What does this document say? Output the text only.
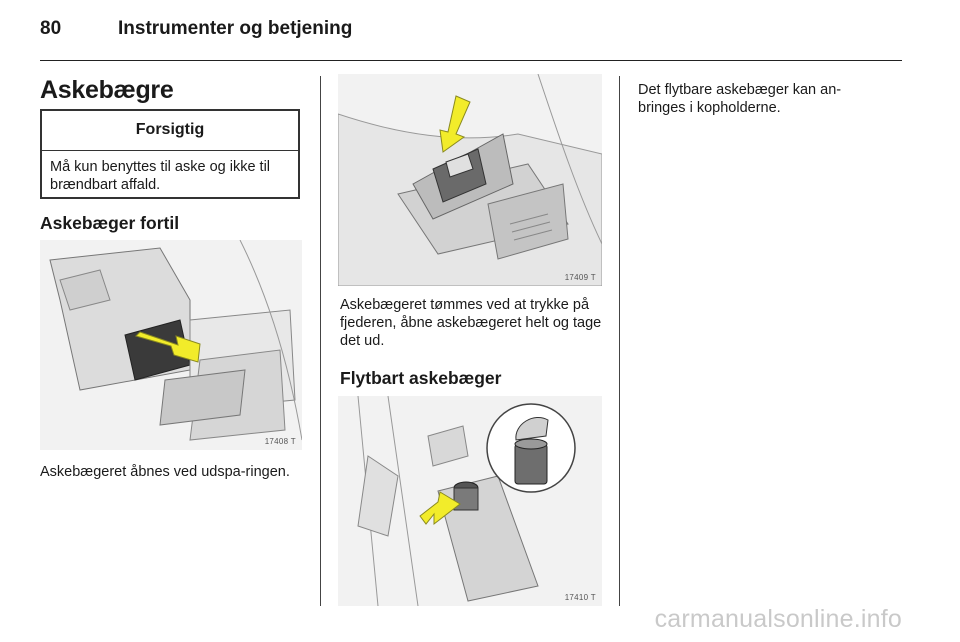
80	Instrumenter og betjening
Askebægre
Forsigtig
Må kun benyttes til aske og ikke til brændbart affald.
Askebæger fortil
17408 T
Askebægeret åbnes ved udspa-ringen.
17409 T
Askebægeret tømmes ved at trykke på fjederen, åbne askebægeret helt og tage det ud.
Flytbart askebæger
17410 T
Det flytbare askebæger kan an-bringes i kopholderne.
carmanualsonline.info
